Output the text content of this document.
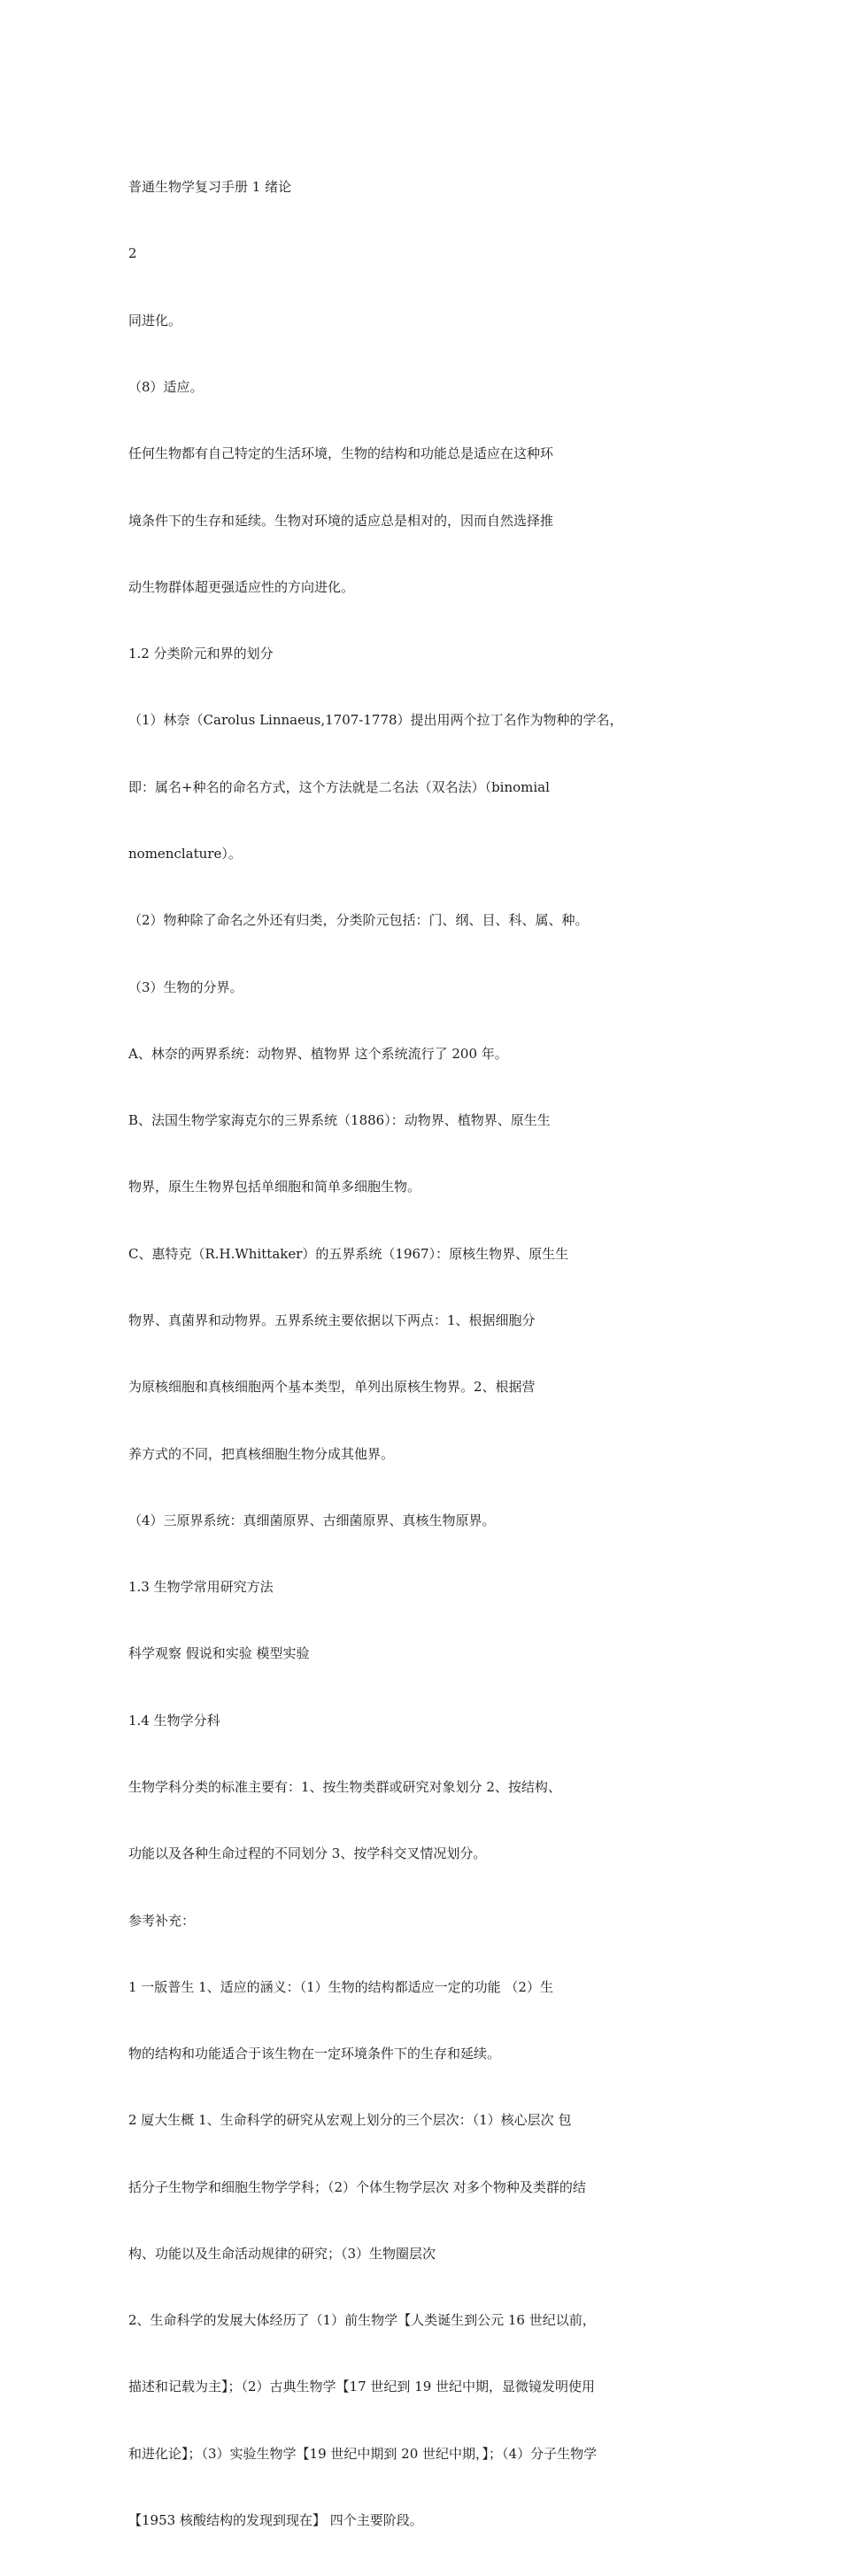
普通生物学复习手册 1 绪论

2

同进化。

（8）适应。

任何生物都有自己特定的生活环境，生物的结构和功能总是适应在这种环

境条件下的生存和延续。生物对环境的适应总是相对的，因而自然选择推

动生物群体超更强适应性的方向进化。

1.2 分类阶元和界的划分

（1）林奈（Carolus Linnaeus,1707-1778）提出用两个拉丁名作为物种的学名，

即：属名+种名的命名方式，这个方法就是二名法（双名法）（binomial

nomenclature）。

（2）物种除了命名之外还有归类，分类阶元包括：门、纲、目、科、属、种。

（3）生物的分界。

A、林奈的两界系统：动物界、植物界 这个系统流行了 200 年。

B、法国生物学家海克尔的三界系统（1886）：动物界、植物界、原生生

物界，原生生物界包括单细胞和简单多细胞生物。

C、惠特克（R.H.Whittaker）的五界系统（1967）：原核生物界、原生生

物界、真菌界和动物界。五界系统主要依据以下两点：1、根据细胞分

为原核细胞和真核细胞两个基本类型，单列出原核生物界。2、根据营

养方式的不同，把真核细胞生物分成其他界。

（4）三原界系统：真细菌原界、古细菌原界、真核生物原界。

1.3 生物学常用研究方法

科学观察 假说和实验 模型实验

1.4 生物学分科

生物学科分类的标准主要有：1、按生物类群或研究对象划分 2、按结构、

功能以及各种生命过程的不同划分 3、按学科交叉情况划分。

参考补充：

1 一版普生 1、适应的涵义：（1）生物的结构都适应一定的功能 （2）生

物的结构和功能适合于该生物在一定环境条件下的生存和延续。

2 厦大生概 1、生命科学的研究从宏观上划分的三个层次：（1）核心层次 包

括分子生物学和细胞生物学学科；（2）个体生物学层次 对多个物种及类群的结

构、功能以及生命活动规律的研究；（3）生物圈层次

2、生命科学的发展大体经历了（1）前生物学【人类诞生到公元 16 世纪以前，

描述和记载为主】；（2）古典生物学【17 世纪到 19 世纪中期，显微镜发明使用

和进化论】；（3）实验生物学【19 世纪中期到 20 世纪中期，】；（4）分子生物学

【1953 核酸结构的发现到现在】 四个主要阶段。
